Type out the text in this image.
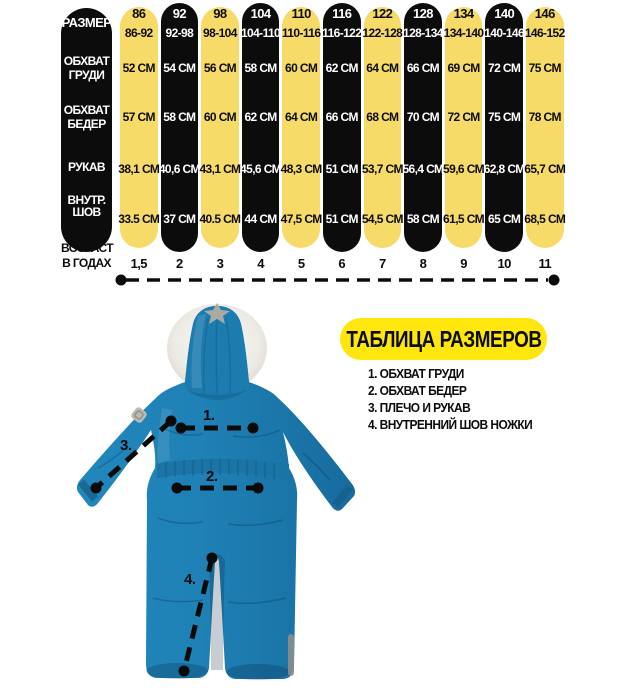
РАЗМЕР
ОБХВАТ
ГРУДИ
ОБХВАТ
БЕДЕР
РУКАВ
ВНУТР.
ШОВ
ВОЗРАСТ
В ГОДАХ
86
86-92
52 СМ
57 СМ
38,1 СМ
33.5 СМ
1,5
92
92-98
54 СМ
58 СМ
40,6 СМ
37 СМ
2
98
98-104
56 СМ
60 СМ
43,1 СМ
40.5 СМ
3
104
104-110
58 СМ
62 СМ
45,6 СМ
44 СМ
4
110
110-116
60 СМ
64 СМ
48,3 СМ
47,5 СМ
5
116
116-122
62 СМ
66 СМ
51 СМ
51 СМ
6
122
122-128
64 СМ
68 СМ
53,7 СМ
54,5 СМ
7
128
128-134
66 СМ
70 СМ
56,4 СМ
58 СМ
8
134
134-140
69 СМ
72 СМ
59,6 СМ
61,5 СМ
9
140
140-146
72 СМ
75 СМ
62,8 СМ
65 СМ
10
146
146-152
75 СМ
78 СМ
65,7 СМ
68,5 СМ
11
ТАБЛИЦА РАЗМЕРОВ
1. ОБХВАТ ГРУДИ
2. ОБХВАТ БЕДЕР
3. ПЛЕЧО И РУКАВ
4. ВНУТРЕННИЙ ШОВ НОЖКИ
1.
2.
3.
4.
